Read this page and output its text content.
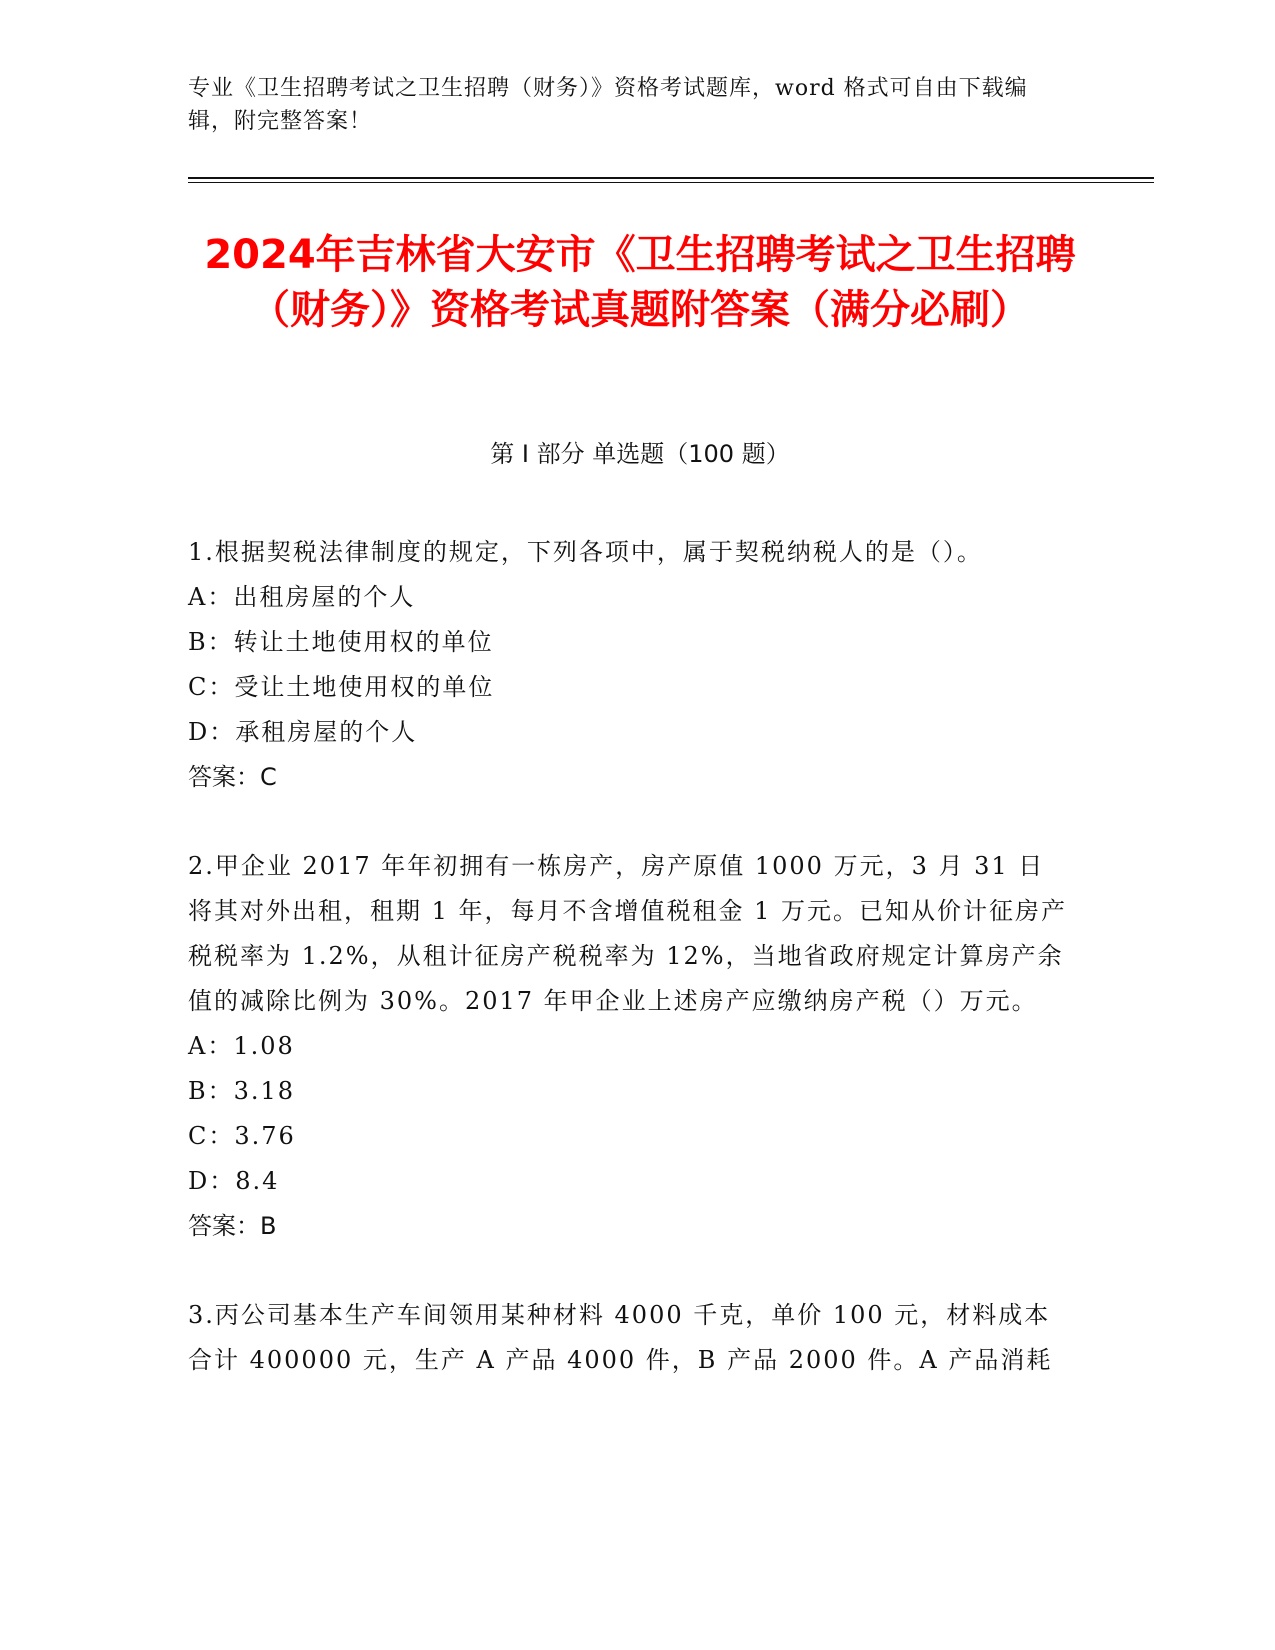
专业《卫生招聘考试之卫生招聘（财务）》资格考试题库，word 格式可自由下载编辑，附完整答案！
2024年吉林省大安市《卫生招聘考试之卫生招聘（财务）》资格考试真题附答案（满分必刷）
第 I 部分 单选题（100 题）

1.根据契税法律制度的规定，下列各项中，属于契税纳税人的是（）。

A：出租房屋的个人

B：转让土地使用权的单位

C：受让土地使用权的单位

D：承租房屋的个人

答案：C

2.甲企业 2017 年年初拥有一栋房产，房产原值 1000 万元，3 月 31 日将其对外出租，租期 1 年，每月不含增值税租金 1 万元。已知从价计征房产税税率为 1.2%，从租计征房产税税率为 12%，当地省政府规定计算房产余值的减除比例为 30%。2017 年甲企业上述房产应缴纳房产税（）万元。

A：1.08

B：3.18

C：3.76

D：8.4

答案：B

3.丙公司基本生产车间领用某种材料 4000 千克，单价 100 元，材料成本合计 400000 元，生产 A 产品 4000 件，B 产品 2000 件。A 产品消耗
